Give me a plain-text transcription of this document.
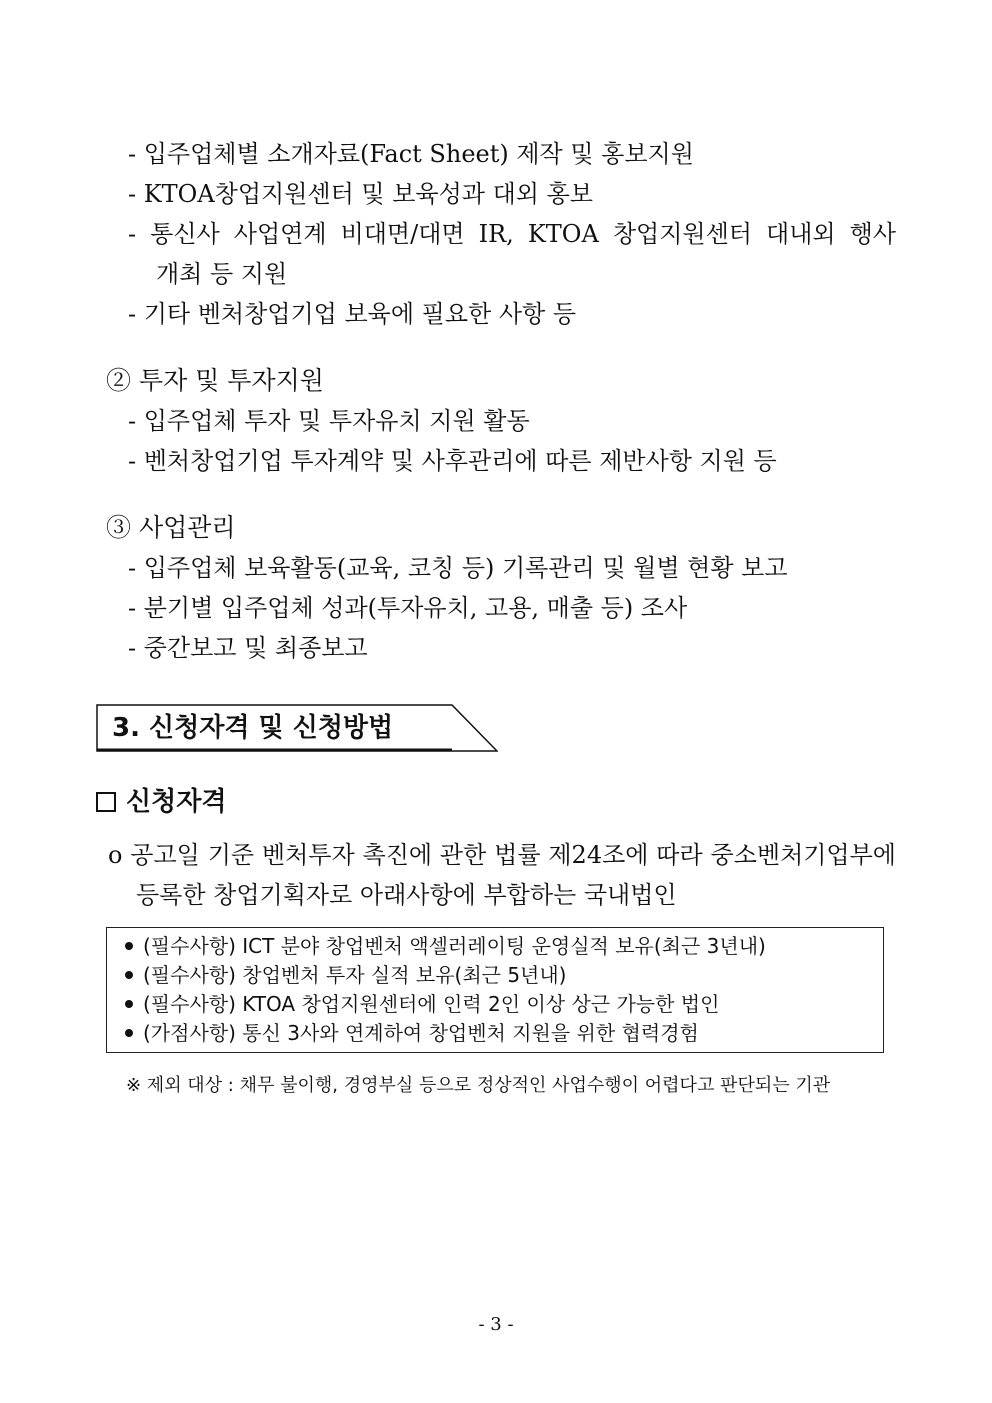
- 입주업체별 소개자료(Fact Sheet) 제작 및 홍보지원
- KTOA창업지원센터 및 보육성과 대외 홍보
- 통신사 사업연계 비대면/대면 IR, KTOA 창업지원센터 대내외 행사
개최 등 지원
- 기타 벤처창업기업 보육에 필요한 사항 등
② 투자 및 투자지원
- 입주업체 투자 및 투자유치 지원 활동
- 벤처창업기업 투자계약 및 사후관리에 따른 제반사항 지원 등
③ 사업관리
- 입주업체 보육활동(교육, 코칭 등) 기록관리 및 월별 현황 보고
- 분기별 입주업체 성과(투자유치, 고용, 매출 등) 조사
- 중간보고 및 최종보고
3. 신청자격 및 신청방법
신청자격
o 공고일 기준 벤처투자 촉진에 관한 법률 제24조에 따라 중소벤처기업부에
등록한 창업기획자로 아래사항에 부합하는 국내법인
(필수사항) ICT 분야 창업벤처 액셀러레이팅 운영실적 보유(최근 3년내)
(필수사항) 창업벤처 투자 실적 보유(최근 5년내)
(필수사항) KTOA 창업지원센터에 인력 2인 이상 상근 가능한 법인
(가점사항) 통신 3사와 연계하여 창업벤처 지원을 위한 협력경험
※ 제외 대상 : 채무 불이행, 경영부실 등으로 정상적인 사업수행이 어렵다고 판단되는 기관
- 3 -
